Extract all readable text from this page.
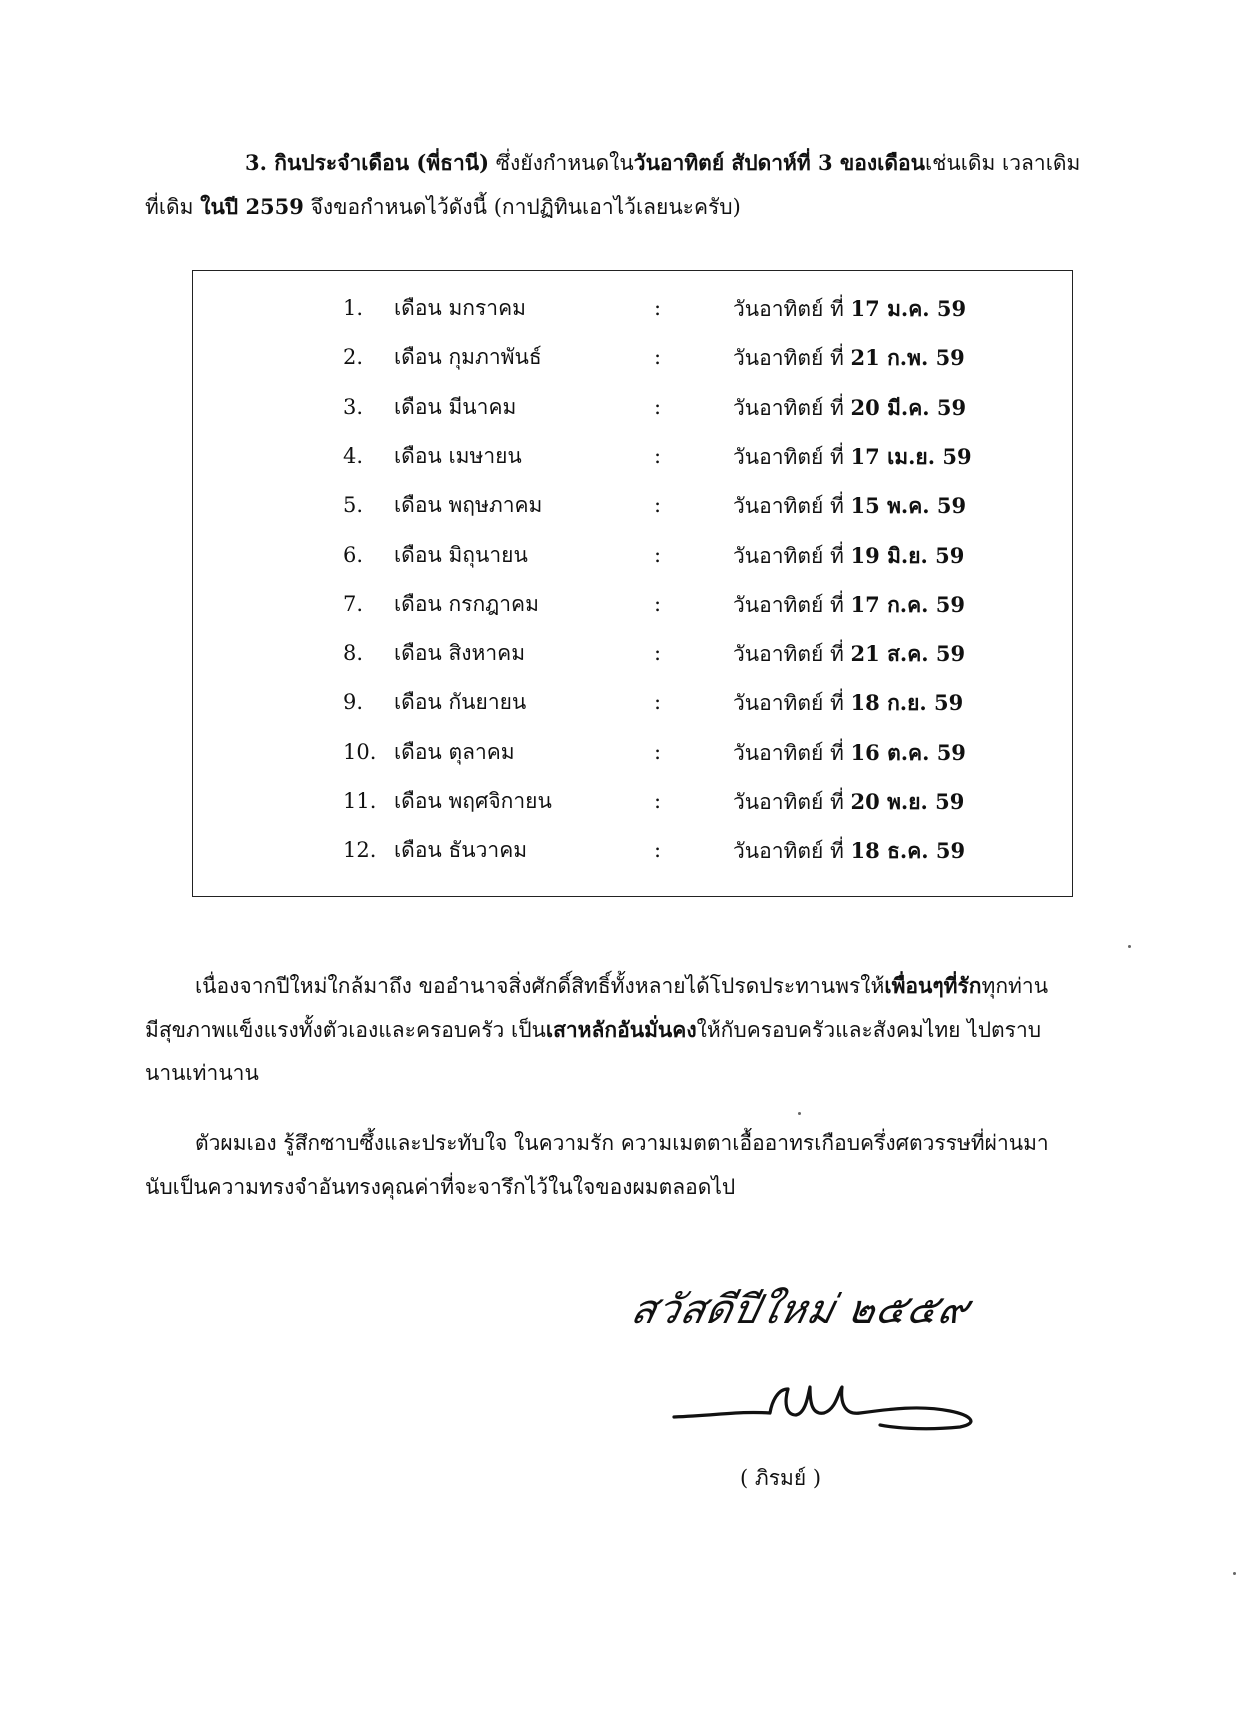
3. กินประจำเดือน (พี่ธานี) ซึ่งยังกำหนดในวันอาทิตย์ สัปดาห์ที่ 3 ของเดือนเช่นเดิม เวลาเดิม
ที่เดิม ในปี 2559 จึงขอกำหนดไว้ดังนี้ (กาปฏิทินเอาไว้เลยนะครับ)
1.	เดือน มกราคม	:	วันอาทิตย์ ที่ 17 ม.ค. 59
2.	เดือน กุมภาพันธ์	:	วันอาทิตย์ ที่ 21 ก.พ. 59
3.	เดือน มีนาคม	:	วันอาทิตย์ ที่ 20 มี.ค. 59
4.	เดือน เมษายน	:	วันอาทิตย์ ที่ 17 เม.ย. 59
5.	เดือน พฤษภาคม	:	วันอาทิตย์ ที่ 15 พ.ค. 59
6.	เดือน มิถุนายน	:	วันอาทิตย์ ที่ 19 มิ.ย. 59
7.	เดือน กรกฎาคม	:	วันอาทิตย์ ที่ 17 ก.ค. 59
8.	เดือน สิงหาคม	:	วันอาทิตย์ ที่ 21 ส.ค. 59
9.	เดือน กันยายน	:	วันอาทิตย์ ที่ 18 ก.ย. 59
10. เดือน ตุลาคม	:	วันอาทิตย์ ที่ 16 ต.ค. 59
11. เดือน พฤศจิกายน	:	วันอาทิตย์ ที่ 20 พ.ย. 59
12. เดือน ธันวาคม	:	วันอาทิตย์ ที่ 18 ธ.ค. 59
เนื่องจากปีใหม่ใกล้มาถึง ขออำนาจสิ่งศักดิ์สิทธิ์ทั้งหลายได้โปรดประทานพรให้เพื่อนๆที่รักทุกท่าน
มีสุขภาพแข็งแรงทั้งตัวเองและครอบครัว เป็นเสาหลักอันมั่นคงให้กับครอบครัวและสังคมไทย ไปตราบ
นานเท่านาน
ตัวผมเอง รู้สึกซาบซึ้งและประทับใจ ในความรัก ความเมตตาเอื้ออาทรเกือบครึ่งศตวรรษที่ผ่านมา
นับเป็นความทรงจำอันทรงคุณค่าที่จะจารึกไว้ในใจของผมตลอดไป
สวัสดีปีใหม่ ๒๕๕๙
( ภิรมย์ )
